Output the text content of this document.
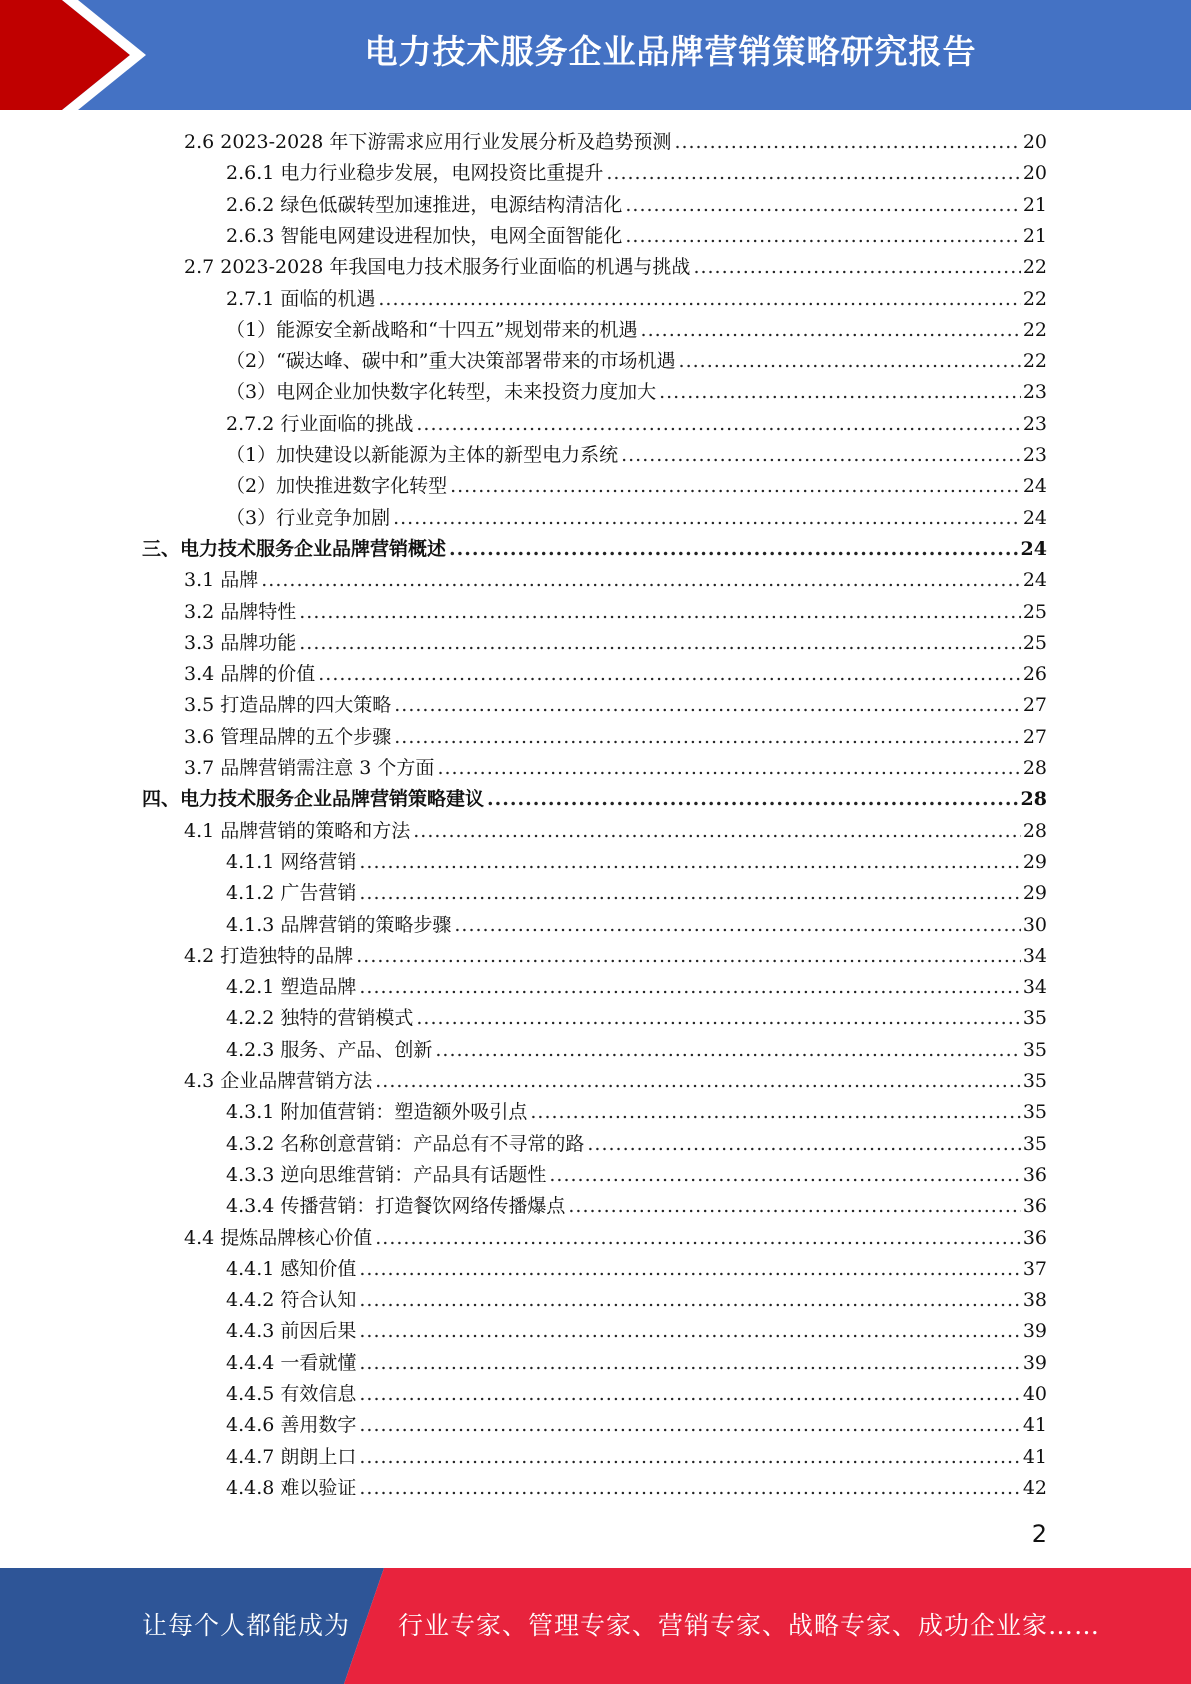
电力技术服务企业品牌营销策略研究报告
2.6 2023-2028 年下游需求应用行业发展分析及趋势预测 .....	20
2.6.1 电力行业稳步发展，电网投资比重提升 .....	20
2.6.2 绿色低碳转型加速推进，电源结构清洁化 .....	21
2.6.3 智能电网建设进程加快，电网全面智能化 .....	21
2.7 2023-2028 年我国电力技术服务行业面临的机遇与挑战 .....	22
2.7.1 面临的机遇 .....	22
（1）能源安全新战略和“十四五”规划带来的机遇 .....	22
（2）“碳达峰、碳中和”重大决策部署带来的市场机遇 .....	22
（3）电网企业加快数字化转型，未来投资力度加大 .....	23
2.7.2 行业面临的挑战 .....	23
（1）加快建设以新能源为主体的新型电力系统 .....	23
（2）加快推进数字化转型 .....	24
（3）行业竞争加剧 .....	24
三、电力技术服务企业品牌营销概述 .....	24
3.1 品牌 .....	24
3.2 品牌特性 .....	25
3.3 品牌功能 .....	25
3.4 品牌的价值 .....	26
3.5 打造品牌的四大策略 .....	27
3.6 管理品牌的五个步骤 .....	27
3.7 品牌营销需注意 3 个方面 .....	28
四、电力技术服务企业品牌营销策略建议 .....	28
4.1 品牌营销的策略和方法 .....	28
4.1.1 网络营销 .....	29
4.1.2 广告营销 .....	29
4.1.3 品牌营销的策略步骤 .....	30
4.2 打造独特的品牌 .....	34
4.2.1 塑造品牌 .....	34
4.2.2 独特的营销模式 .....	35
4.2.3 服务、产品、创新 .....	35
4.3 企业品牌营销方法 .....	35
4.3.1 附加值营销：塑造额外吸引点 .....	35
4.3.2 名称创意营销：产品总有不寻常的路 .....	35
4.3.3 逆向思维营销：产品具有话题性 .....	36
4.3.4 传播营销：打造餐饮网络传播爆点 .....	36
4.4 提炼品牌核心价值 .....	36
4.4.1 感知价值 .....	37
4.4.2 符合认知 .....	38
4.4.3 前因后果 .....	39
4.4.4 一看就懂 .....	39
4.4.5 有效信息 .....	40
4.4.6 善用数字 .....	41
4.4.7 朗朗上口 .....	41
4.4.8 难以验证 .....	42
2
让每个人都能成为 行业专家、管理专家、营销专家、战略专家、成功企业家……
